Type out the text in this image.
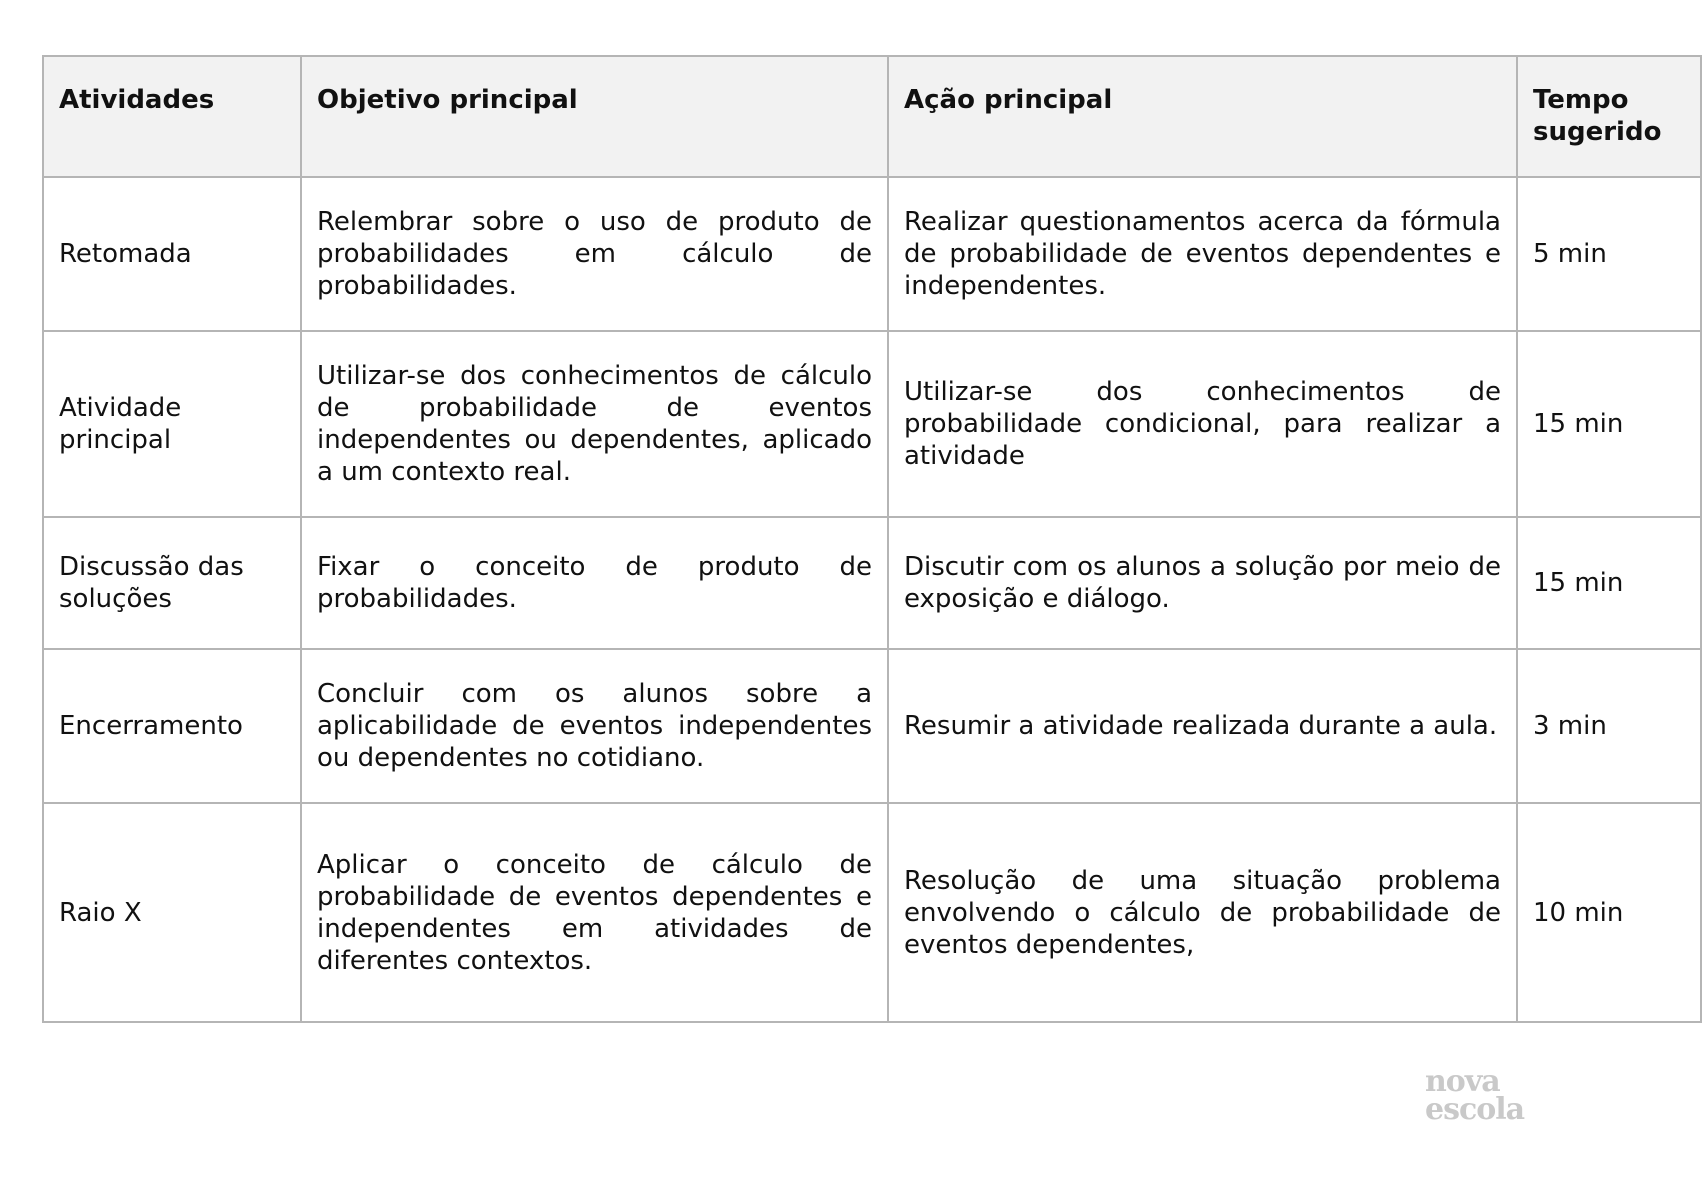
Atividades	Objetivo principal	Ação principal	Tempo sugerido
Retomada	Relembrar sobre o uso de produto de probabilidades em cálculo de probabilidades.	Realizar questionamentos acerca da fórmula de probabilidade de eventos dependentes e independentes.	5 min
Atividade principal	Utilizar-se dos conhecimentos de cálculo de probabilidade de eventos independentes ou dependentes, aplicado a um contexto real.	Utilizar-se dos conhecimentos de probabilidade condicional, para realizar a atividade	15 min
Discussão das soluções	Fixar o conceito de produto de probabilidades.	Discutir com os alunos a solução por meio de exposição e diálogo.	15 min
Encerramento	Concluir com os alunos sobre a aplicabilidade de eventos independentes ou dependentes no cotidiano.	Resumir a atividade realizada durante a aula.	3 min
Raio X	Aplicar o conceito de cálculo de probabilidade de eventos dependentes e independentes em atividades de diferentes contextos.	Resolução de uma situação problema envolvendo o cálculo de probabilidade de eventos dependentes,	10 min
nova
escola
